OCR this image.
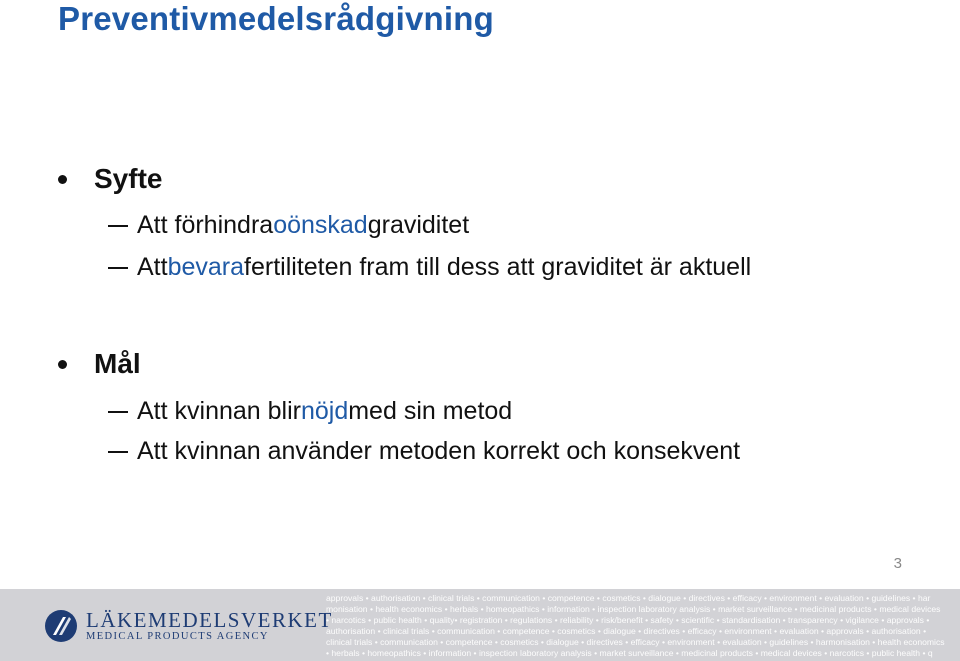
Preventivmedelsrådgivning
Syfte
Att förhindra oönskad graviditet
Att bevara fertiliteten fram till dess att graviditet är aktuell
Mål
Att kvinnan blir nöjd med sin metod
Att kvinnan använder metoden korrekt och konsekvent
3
LÄKEMEDELSVERKET
MEDICAL PRODUCTS AGENCY
approvals • authorisation • clinical trials • communication • competence • cosmetics • dialogue • directives • efficacy • environment • evaluation • guidelines • har
monisation • health economics • herbals • homeopathics • information • inspection laboratory analysis • market surveillance • medicinal products • medical devices
• narcotics • public health • quality• registration • regulations • reliability • risk/benefit • safety • scientific • standardisation • transparency • vigilance • approvals •
authorisation • clinical trials • communication • competence • cosmetics • dialogue • directives • efficacy • environment • evaluation • approvals • authorisation •
clinical trials • communication • competence • cosmetics • dialogue • directives • efficacy • environment • evaluation • guidelines • harmonisation • health economics
• herbals • homeopathics • information • inspection laboratory analysis • market surveillance • medicinal products • medical devices • narcotics • public health • q
